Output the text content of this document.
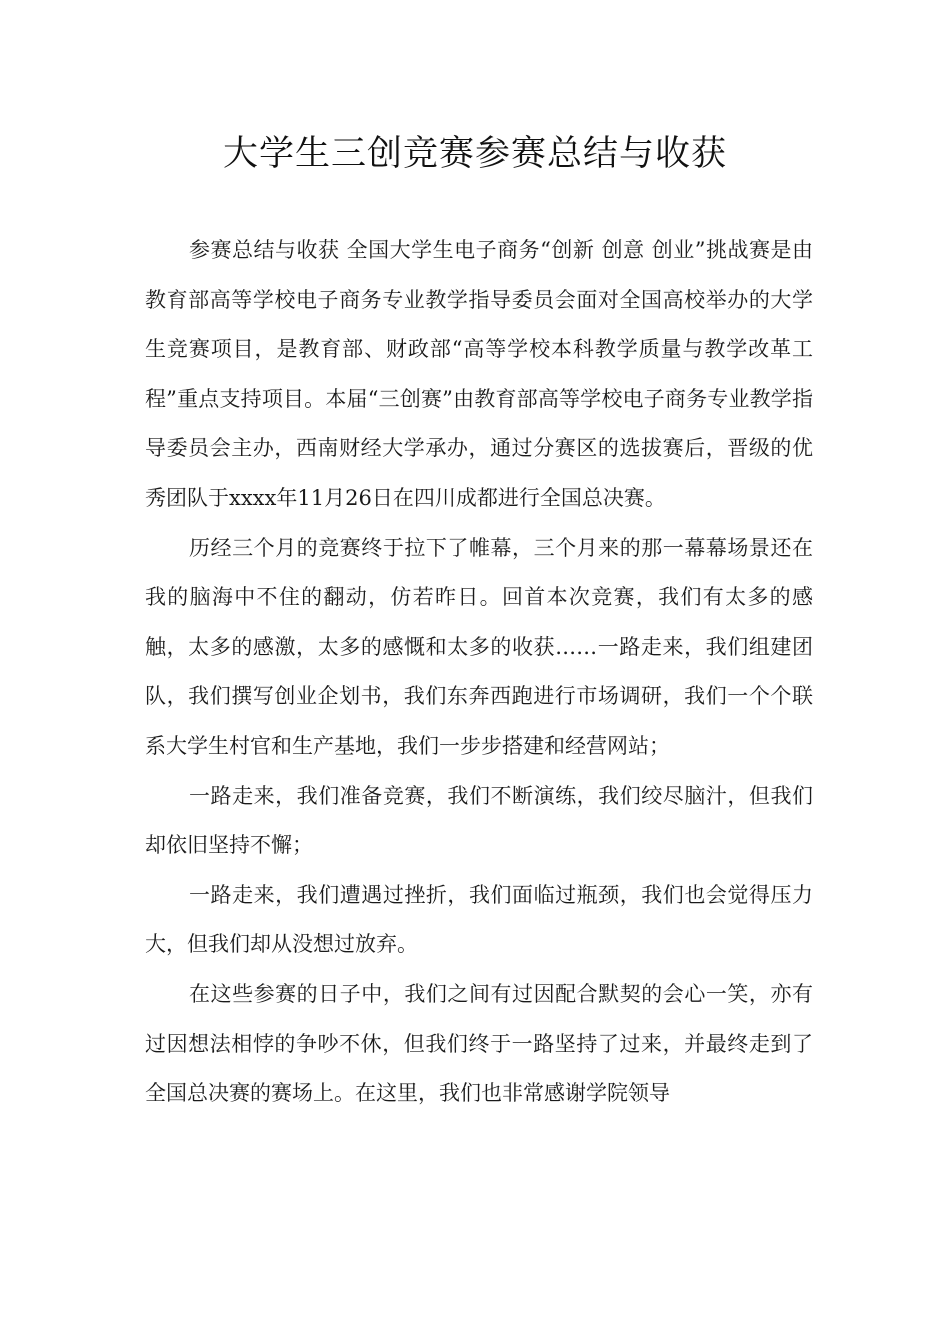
大学生三创竞赛参赛总结与收获

参赛总结与收获 全国大学生电子商务“创新 创意 创业”挑战赛是由教育部高等学校电子商务专业教学指导委员会面对全国高校举办的大学生竞赛项目，是教育部、财政部“高等学校本科教学质量与教学改革工程”重点支持项目。本届“三创赛”由教育部高等学校电子商务专业教学指导委员会主办，西南财经大学承办，通过分赛区的选拔赛后，晋级的优秀团队于xxxx年11月26日在四川成都进行全国总决赛。

历经三个月的竞赛终于拉下了帷幕，三个月来的那一幕幕场景还在我的脑海中不住的翻动，仿若昨日。回首本次竞赛，我们有太多的感触，太多的感激，太多的感慨和太多的收获……一路走来，我们组建团队，我们撰写创业企划书，我们东奔西跑进行市场调研，我们一个个联系大学生村官和生产基地，我们一步步搭建和经营网站；

一路走来，我们准备竞赛，我们不断演练，我们绞尽脑汁，但我们却依旧坚持不懈；

一路走来，我们遭遇过挫折，我们面临过瓶颈，我们也会觉得压力大，但我们却从没想过放弃。

在这些参赛的日子中，我们之间有过因配合默契的会心一笑，亦有过因想法相悖的争吵不休，但我们终于一路坚持了过来，并最终走到了全国总决赛的赛场上。在这里，我们也非常感谢学院领导
